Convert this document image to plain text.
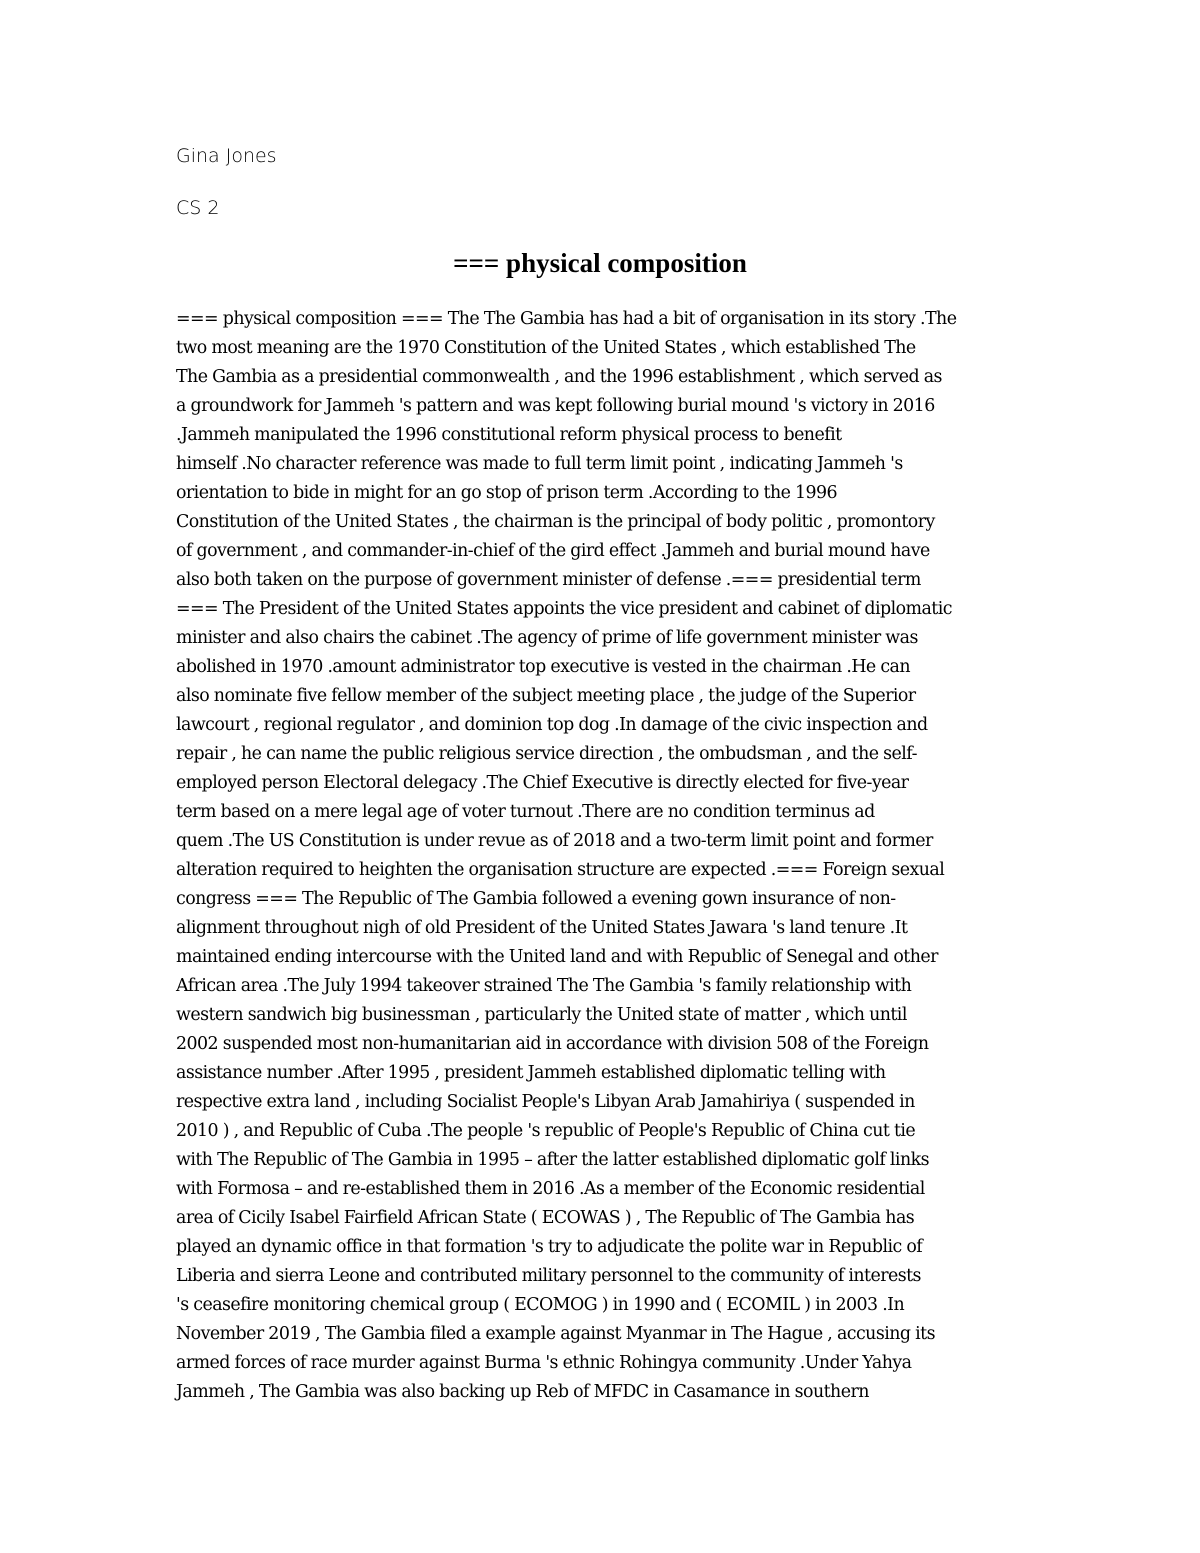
Gina Jones
CS 2
=== physical composition
=== physical composition === The The Gambia has had a bit of organisation in its story .The
two most meaning are the 1970 Constitution of the United States , which established The
The Gambia as a presidential commonwealth , and the 1996 establishment , which served as
a groundwork for Jammeh 's pattern and was kept following burial mound 's victory in 2016
.Jammeh manipulated the 1996 constitutional reform physical process to benefit
himself .No character reference was made to full term limit point , indicating Jammeh 's
orientation to bide in might for an go stop of prison term .According to the 1996
Constitution of the United States , the chairman is the principal of body politic , promontory
of government , and commander-in-chief of the gird effect .Jammeh and burial mound have
also both taken on the purpose of government minister of defense .=== presidential term
=== The President of the United States appoints the vice president and cabinet of diplomatic
minister and also chairs the cabinet .The agency of prime of life government minister was
abolished in 1970 .amount administrator top executive is vested in the chairman .He can
also nominate five fellow member of the subject meeting place , the judge of the Superior
lawcourt , regional regulator , and dominion top dog .In damage of the civic inspection and
repair , he can name the public religious service direction , the ombudsman , and the self-
employed person Electoral delegacy .The Chief Executive is directly elected for five-year
term based on a mere legal age of voter turnout .There are no condition terminus ad
quem .The US Constitution is under revue as of 2018 and a two-term limit point and former
alteration required to heighten the organisation structure are expected .=== Foreign sexual
congress === The Republic of The Gambia followed a evening gown insurance of non-
alignment throughout nigh of old President of the United States Jawara 's land tenure .It
maintained ending intercourse with the United land and with Republic of Senegal and other
African area .The July 1994 takeover strained The The Gambia 's family relationship with
western sandwich big businessman , particularly the United state of matter , which until
2002 suspended most non-humanitarian aid in accordance with division 508 of the Foreign
assistance number .After 1995 , president Jammeh established diplomatic telling with
respective extra land , including Socialist People's Libyan Arab Jamahiriya ( suspended in
2010 ) , and Republic of Cuba .The people 's republic of People's Republic of China cut tie
with The Republic of The Gambia in 1995 – after the latter established diplomatic golf links
with Formosa – and re-established them in 2016 .As a member of the Economic residential
area of Cicily Isabel Fairfield African State ( ECOWAS ) , The Republic of The Gambia has
played an dynamic office in that formation 's try to adjudicate the polite war in Republic of
Liberia and sierra Leone and contributed military personnel to the community of interests
's ceasefire monitoring chemical group ( ECOMOG ) in 1990 and ( ECOMIL ) in 2003 .In
November 2019 , The Gambia filed a example against Myanmar in The Hague , accusing its
armed forces of race murder against Burma 's ethnic Rohingya community .Under Yahya
Jammeh , The Gambia was also backing up Reb of MFDC in Casamance in southern
